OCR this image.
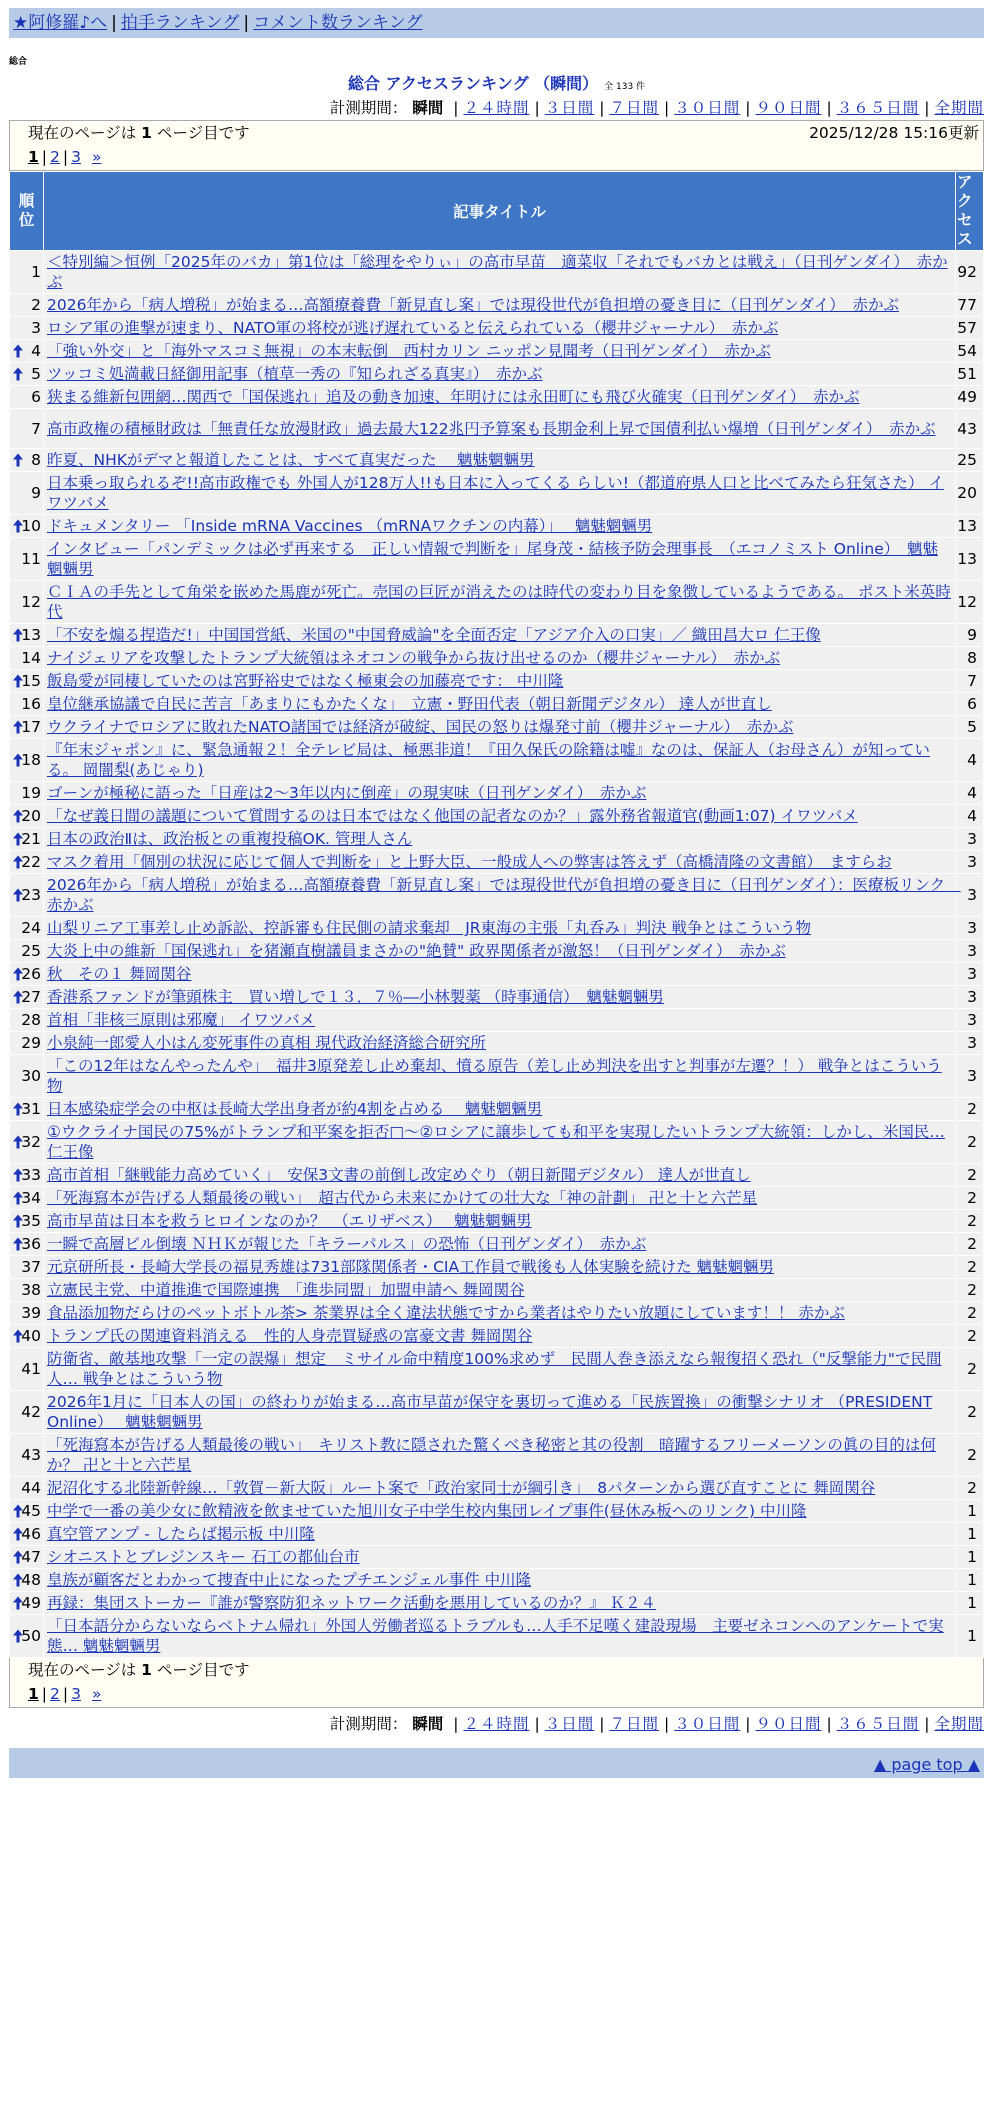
★阿修羅♪へ | 拍手ランキング | コメント数ランキング
総合
総合 アクセスランキング （瞬間） 全 133 件
計測期間： 瞬間 | ２４時間 | ３日間 | ７日間 | ３０日間 | ９０日間 | ３６５日間 | 全期間
現在のページは 1 ページ目です	2025/12/28 15:16更新
1 | 2 | 3 »
順位	記事タイトル	アクセス

1	＜特別編＞恒例「2025年のバカ」第1位は「総理をやりぃ」の高市早苗　適菜収「それでもバカとは戦え」（日刊ゲンダイ）　赤かぶ	92
2	2026年から「病人増税」が始まる…高額療養費「新見直し案」では現役世代が負担増の憂き目に（日刊ゲンダイ）　赤かぶ	77
3	ロシア軍の進撃が速まり、NATO軍の将校が逃げ遅れていると伝えられている（櫻井ジャーナル）　赤かぶ	57

4	「強い外交」と「海外マスコミ無視」の本末転倒　西村カリン ニッポン見聞考（日刊ゲンダイ）　赤かぶ	54

5	ツッコミ処満載日経御用記事（植草一秀の『知られざる真実』）　赤かぶ	51
6	狭まる維新包囲網…関西で「国保逃れ」追及の動き加速、年明けには永田町にも飛び火確実（日刊ゲンダイ）　赤かぶ	49
7	高市政権の積極財政は「無責任な放漫財政」過去最大122兆円予算案も長期金利上昇で国債利払い爆増（日刊ゲンダイ）　赤かぶ	43

8	昨夏、NHKがデマと報道したことは、すべて真実だった　 魑魅魍魎男	25
9	日本乗っ取られるぞ!!高市政権でも 外国人が128万人!!も日本に入ってくる らしい!（都道府県人口と比べてみたら狂気さた） イワツバメ	20

10	ドキュメンタリー 「Inside mRNA Vaccines （mRNAワクチンの内幕）」　 魑魅魍魎男	13
11	インタビュー「パンデミックは必ず再来する　正しい情報で判断を」尾身茂・結核予防会理事長　（エコノミスト Online）　魑魅魍魎男	13
12	ＣＩＡの手先として角栄を嵌めた馬鹿が死亡。売国の巨匠が消えたのは時代の変わり目を象徴しているようである。 ポスト米英時代	12

13	「不安を煽る捏造だ!」中国国営紙、米国の"中国脅威論"を全面否定「アジア介入の口実」／ 織田昌大ロ 仁王像	9
14	ナイジェリアを攻撃したトランプ大統領はネオコンの戦争から抜け出せるのか（櫻井ジャーナル）　赤かぶ	8

15	飯島愛が同棲していたのは宮野裕史ではなく極東会の加藤亮です： 中川隆	7
16	皇位継承協議で自民に苦言「あまりにもかたくな」　立憲・野田代表（朝日新聞デジタル） 達人が世直し	6

17	ウクライナでロシアに敗れたNATO諸国では経済が破綻、国民の怒りは爆発寸前（櫻井ジャーナル）　赤かぶ	5

18	『年末ジャポン』に、緊急通報２！全テレビ局は、極悪非道！『田久保氏の除籍は嘘』なのは、保証人（お母さん）が知っている。 岡闇梨(あじゃり)	4
19	ゴーンが極秘に語った「日産は2～3年以内に倒産」の現実味（日刊ゲンダイ）　赤かぶ	4

20	「なぜ義日間の議題について質問するのは日本ではなく他国の記者なのか？」露外務省報道官(動画1:07) イワツバメ	4

21	日本の政治Ⅱは、政治板との重複投稿OK. 管理人さん	3

22	マスク着用「個別の状況に応じて個人で判断を」と上野大臣、一般成人への弊害は答えず（高橋清隆の文書館）　ますらお	3

23	2026年から「病人増税」が始まる…高額療養費「新見直し案」では現役世代が負担増の憂き目に（日刊ゲンダイ）：医療板リンク　赤かぶ	3
24	山梨リニア工事差し止め訴訟、控訴審も住民側の請求棄却　JR東海の主張「丸呑み」判決 戦争とはこういう物	3
25	大炎上中の維新「国保逃れ」を猪瀬直樹議員まさかの"絶賛" 政界関係者が激怒！（日刊ゲンダイ）　赤かぶ	3

26	秋　その１ 舞岡関谷	3

27	香港系ファンドが筆頭株主　買い増しで１３．７％―小林製薬 （時事通信）　魑魅魍魎男	3
28	首相「非核三原則は邪魔」 イワツバメ	3
29	小泉純一郎愛人小はん変死事件の真相 現代政治経済総合研究所	3
30	「この12年はなんやったんや」　福井3原発差し止め棄却、憤る原告（差し止め判決を出すと判事が左遷？！） 戦争とはこういう物	3

31	日本感染症学会の中枢は長崎大学出身者が約4割を占める　 魑魅魍魎男	2

32	①ウクライナ国民の75%がトランプ和平案を拒否□～②ロシアに譲歩しても和平を実現したいトランプ大統領：しかし、米国民… 仁王像	2

33	高市首相「継戦能力高めていく」　安保3文書の前倒し改定めぐり（朝日新聞デジタル） 達人が世直し	2

34	「死海寫本が告げる人類最後の戦い」　超古代から未来にかけての壮大な「神の計劃」 卍と十と六芒星	2

35	高市早苗は日本を救うヒロインなのか？　（エリザベス）　 魑魅魍魎男	2

36	一瞬で高層ビル倒壊 ＮＨＫが報じた「キラーパルス」の恐怖（日刊ゲンダイ）　赤かぶ	2
37	元京研所長・長崎大学長の福見秀雄は731部隊関係者・CIA工作員で戦後も人体実験を続けた 魑魅魍魎男	2
38	立憲民主党、中道推進で国際連携　「進歩同盟」加盟申請へ 舞岡関谷	2
39	食品添加物だらけのペットボトル茶> 茶業界は全く違法状態ですから業者はやりたい放題にしています！！ 赤かぶ	2

40	トランプ氏の関連資料消える　性的人身売買疑惑の富豪文書 舞岡関谷	2
41	防衛省、敵基地攻撃「一定の誤爆」想定　ミサイル命中精度100%求めず　民間人巻き添えなら報復招く恐れ（"反撃能力"で民間人… 戦争とはこういう物	2
42	2026年1月に「日本人の国」の終わりが始まる…高市早苗が保守を裏切って進める「民族置換」の衝撃シナリオ （PRESIDENT Online）　 魑魅魍魎男	2
43	「死海寫本が告げる人類最後の戦い」　キリスト教に隠された驚くべき秘密と其の役割　暗躍するフリーメーソンの眞の目的は何か？ 卍と十と六芒星	2
44	泥沼化する北陸新幹線…「敦賀－新大阪」ルート案で「政治家同士が綱引き」　8パターンから選び直すことに 舞岡関谷	2

45	中学で一番の美少女に飲精液を飲ませていた旭川女子中学生校内集団レイプ事件(昼休み板へのリンク) 中川隆	1

46	真空管アンプ - したらば掲示板 中川隆	1

47	シオニストとブレジンスキー 石工の都仙台市	1

48	皇族が顧客だとわかって捜査中止になったプチエンジェル事件 中川隆	1

49	再録：集団ストーカー『誰が警察防犯ネットワーク活動を悪用しているのか？』 Ｋ２４	1

50	「日本語分からないならベトナム帰れ」外国人労働者巡るトラブルも…人手不足嘆く建設現場　主要ゼネコンへのアンケートで実態… 魑魅魍魎男	1
現在のページは 1 ページ目です
1 | 2 | 3 »
計測期間： 瞬間 | ２４時間 | ３日間 | ７日間 | ３０日間 | ９０日間 | ３６５日間 | 全期間
▲ page top ▲
